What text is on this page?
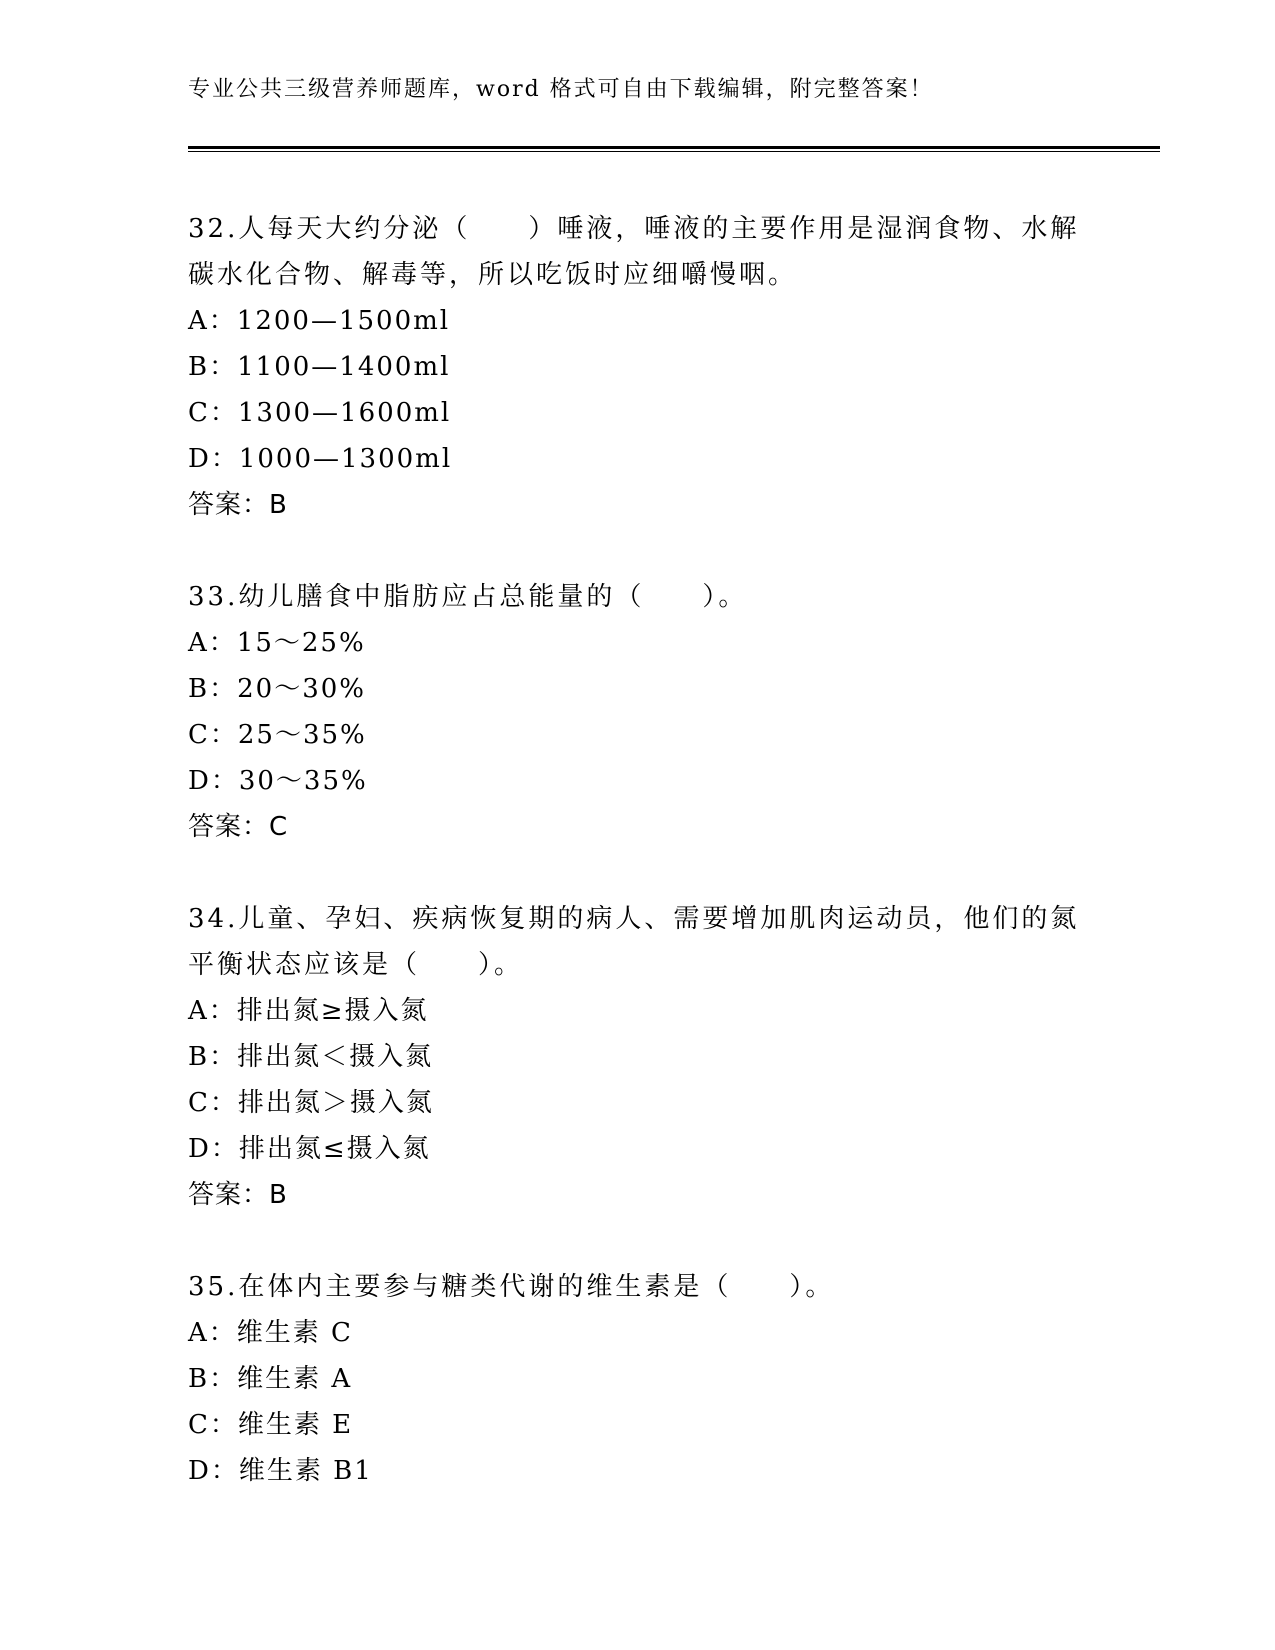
专业公共三级营养师题库，word 格式可自由下载编辑，附完整答案！
32.人每天大约分泌（　　）唾液，唾液的主要作用是湿润食物、水解碳水化合物、解毒等，所以吃饭时应细嚼慢咽。
A：1200—1500ml
B：1100—1400ml
C：1300—1600ml
D：1000—1300ml
答案：B
33.幼儿膳食中脂肪应占总能量的（　　）。
A：15～25%
B：20～30%
C：25～35%
D：30～35%
答案：C
34.儿童、孕妇、疾病恢复期的病人、需要增加肌肉运动员，他们的氮平衡状态应该是（　　）。
A：排出氮≥摄入氮
B：排出氮＜摄入氮
C：排出氮＞摄入氮
D：排出氮≤摄入氮
答案：B
35.在体内主要参与糖类代谢的维生素是（　　）。
A：维生素 C
B：维生素 A
C：维生素 E
D：维生素 B1
